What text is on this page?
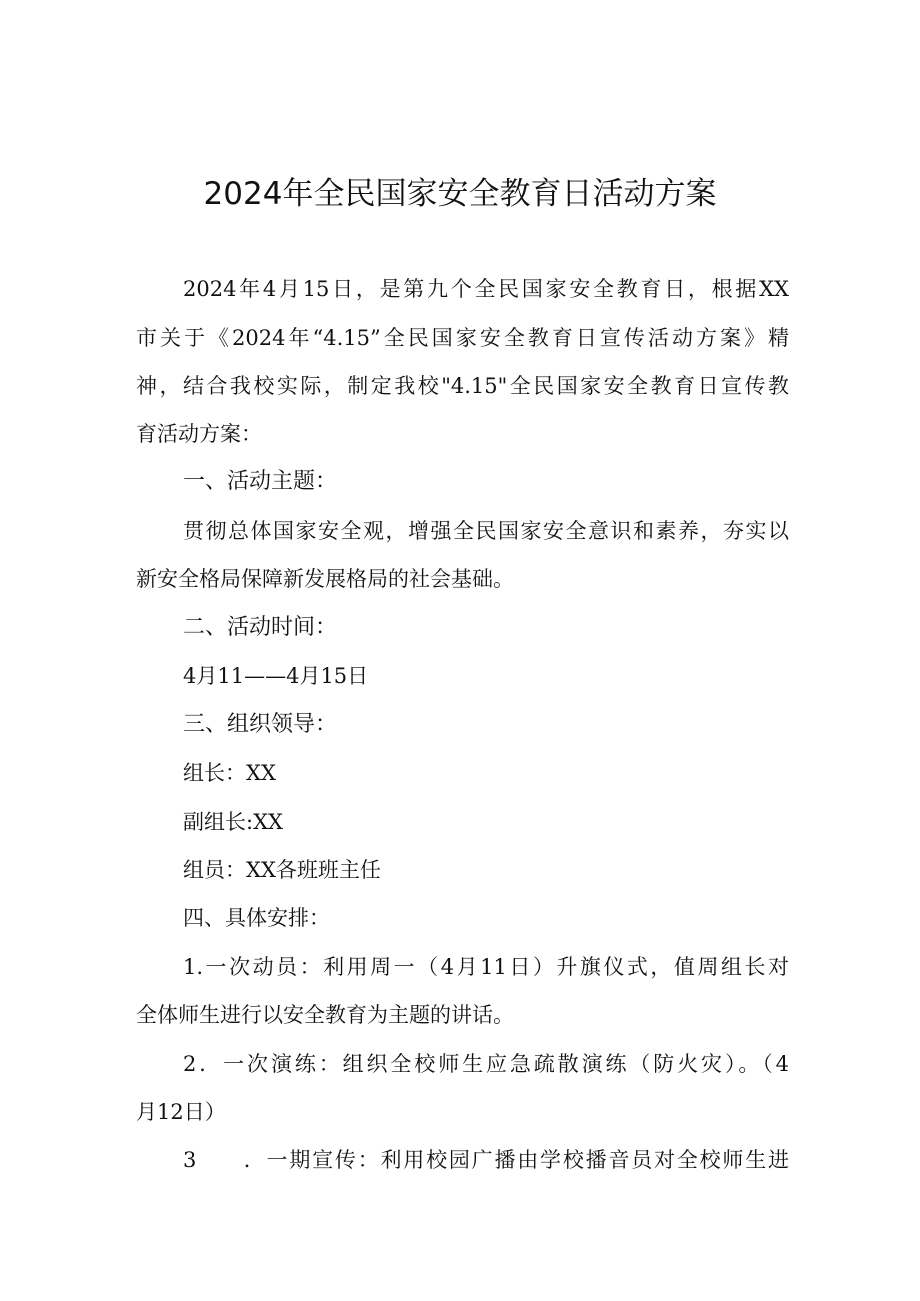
2024年全民国家安全教育日活动方案
2024年4月15日，是第九个全民国家安全教育日，根据XX
市关于《2024年“4.15”全民国家安全教育日宣传活动方案》精
神，结合我校实际，制定我校"4.15"全民国家安全教育日宣传教
育活动方案：
一、活动主题：
贯彻总体国家安全观，增强全民国家安全意识和素养，夯实以
新安全格局保障新发展格局的社会基础。
二、活动时间：
4月11——4月15日
三、组织领导：
组长：XX
副组长:XX
组员：XX各班班主任
四、具体安排：
1.一次动员：利用周一（4月11日）升旗仪式，值周组长对
全体师生进行以安全教育为主题的讲话。
2．一次演练：组织全校师生应急疏散演练（防火灾）。（4
月12日）
3　　．一期宣传：利用校园广播由学校播音员对全校师生进
